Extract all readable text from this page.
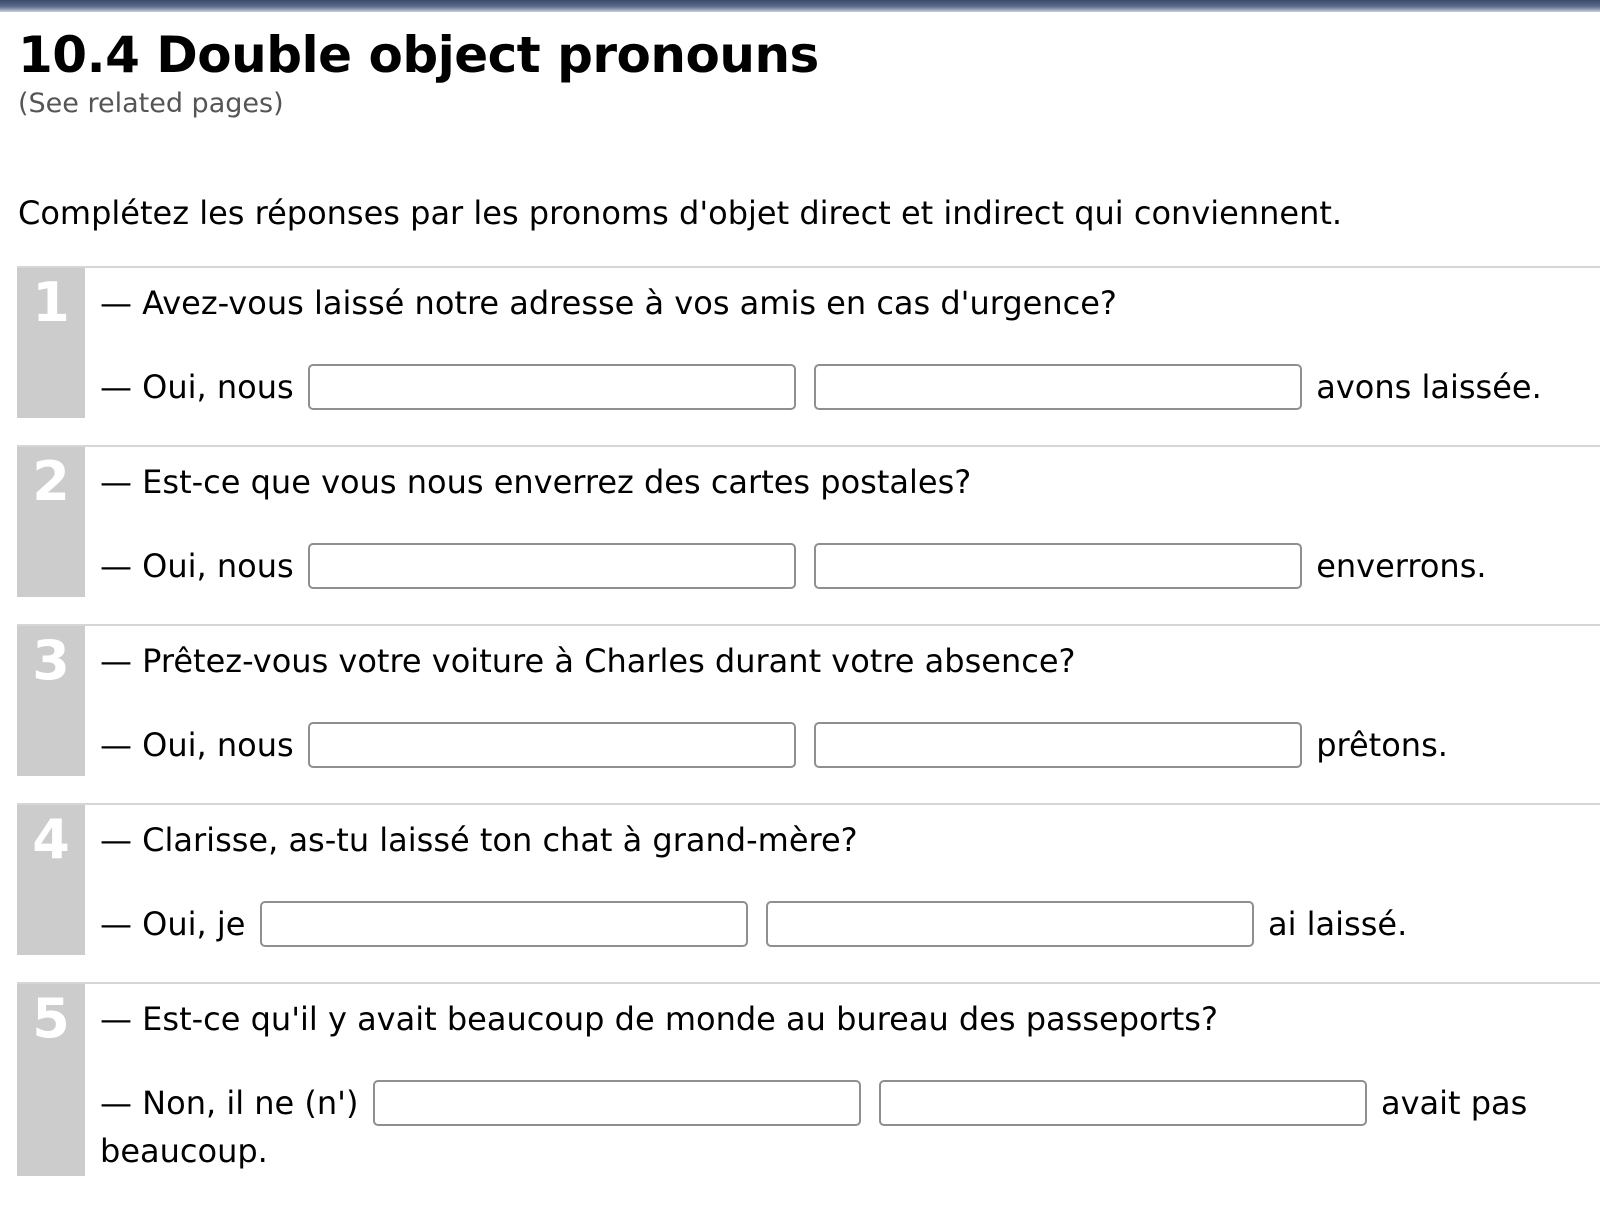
10.4 Double object pronouns
(See related pages)
Complétez les réponses par les pronoms d'objet direct et indirect qui conviennent.
1 — Avez-vous laissé notre adresse à vos amis en cas d'urgence?
— Oui, nous	avons laissée.
2 — Est-ce que vous nous enverrez des cartes postales?
— Oui, nous	enverrons.
3 — Prêtez-vous votre voiture à Charles durant votre absence?
— Oui, nous	prêtons.
4 — Clarisse, as-tu laissé ton chat à grand-mère?
— Oui, je	ai laissé.
5 — Est-ce qu'il y avait beaucoup de monde au bureau des passeports?
— Non, il ne (n')	avait pas
beaucoup.
